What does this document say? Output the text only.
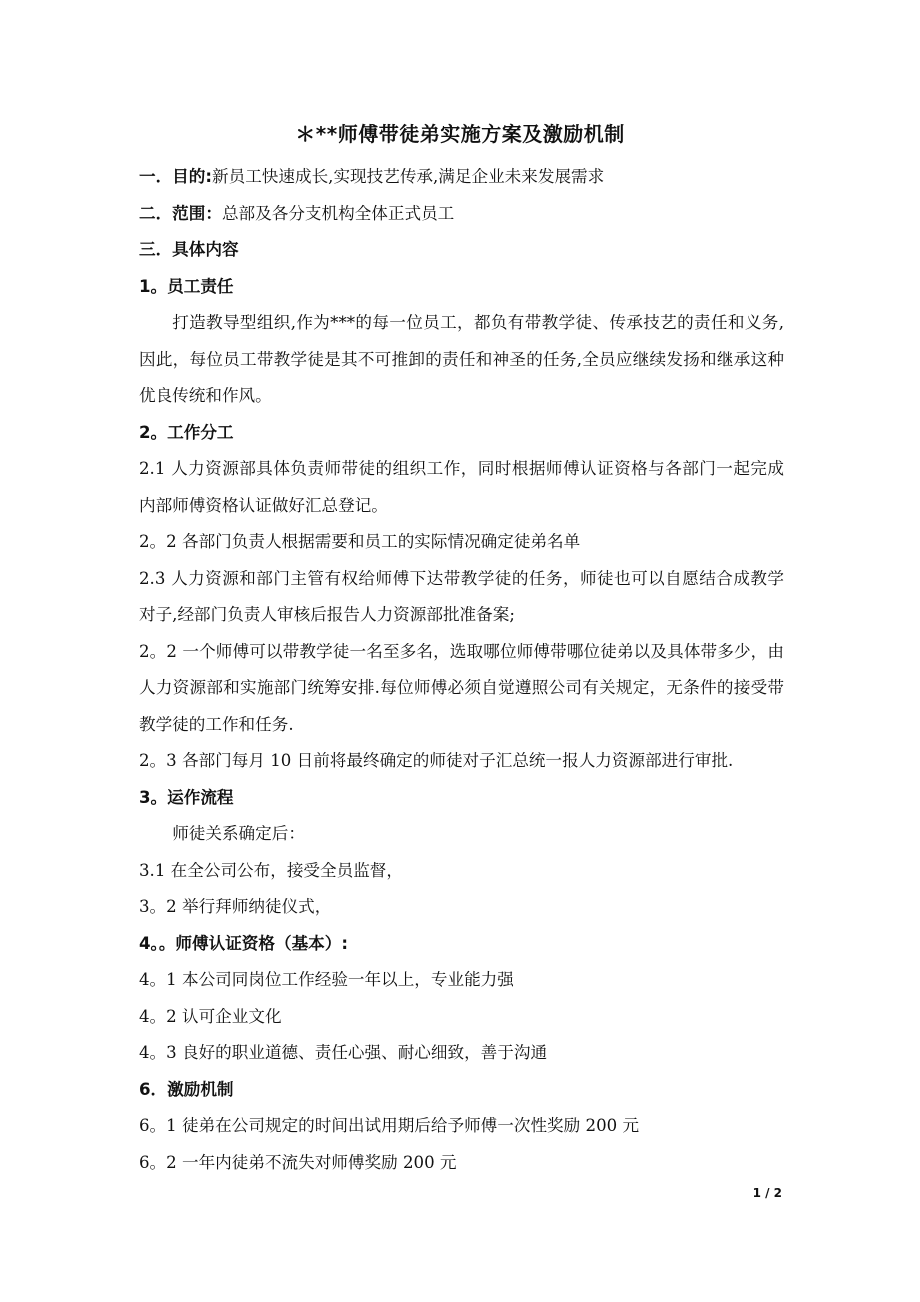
＊**师傅带徒弟实施方案及激励机制
一．目的:新员工快速成长,实现技艺传承,满足企业未来发展需求
二．范围：总部及各分支机构全体正式员工
三．具体内容
1。员工责任
打造教导型组织,作为***的每一位员工，都负有带教学徒、传承技艺的责任和义务,因此，每位员工带教学徒是其不可推卸的责任和神圣的任务,全员应继续发扬和继承这种优良传统和作风。
2。工作分工
2.1 人力资源部具体负责师带徒的组织工作，同时根据师傅认证资格与各部门一起完成内部师傅资格认证做好汇总登记。
2。2 各部门负责人根据需要和员工的实际情况确定徒弟名单
2.3 人力资源和部门主管有权给师傅下达带教学徒的任务，师徒也可以自愿结合成教学对子,经部门负责人审核后报告人力资源部批准备案;
2。2 一个师傅可以带教学徒一名至多名，选取哪位师傅带哪位徒弟以及具体带多少，由人力资源部和实施部门统筹安排.每位师傅必须自觉遵照公司有关规定，无条件的接受带教学徒的工作和任务.
2。3 各部门每月 10 日前将最终确定的师徒对子汇总统一报人力资源部进行审批.
3。运作流程
师徒关系确定后：
3.1 在全公司公布，接受全员监督，
3。2 举行拜师纳徒仪式，
4。。师傅认证资格（基本）:
4。1 本公司同岗位工作经验一年以上，专业能力强
4。2 认可企业文化
4。3 良好的职业道德、责任心强、耐心细致，善于沟通
6．激励机制
6。1 徒弟在公司规定的时间出试用期后给予师傅一次性奖励 200 元
6。2 一年内徒弟不流失对师傅奖励 200 元
1 / 2
